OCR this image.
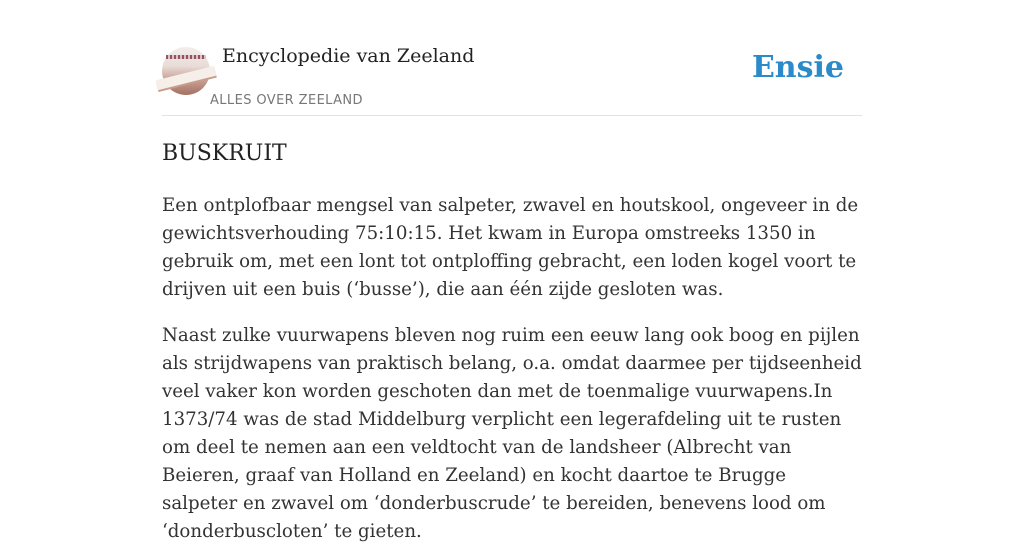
Encyclopedie van Zeeland
ALLES OVER ZEELAND
Ensie
BUSKRUIT

Een ontplofbaar mengsel van salpeter, zwavel en houtskool, ongeveer in de gewichtsverhouding 75:10:15. Het kwam in Europa omstreeks 1350 in gebruik om, met een lont tot ontploffing gebracht, een loden kogel voort te drijven uit een buis (‘busse’), die aan één zijde gesloten was.

Naast zulke vuurwapens bleven nog ruim een eeuw lang ook boog en pijlen als strijdwapens van praktisch belang, o.a. omdat daarmee per tijdseenheid veel vaker kon worden geschoten dan met de toenmalige vuurwapens.In 1373/74 was de stad Middelburg verplicht een legerafdeling uit te rusten om deel te nemen aan een veldtocht van de landsheer (Albrecht van Beieren, graaf van Holland en Zeeland) en kocht daartoe te Brugge salpeter en zwavel om ‘donderbuscrude’ te bereiden, benevens lood om ‘donderbuscloten’ te gieten.
